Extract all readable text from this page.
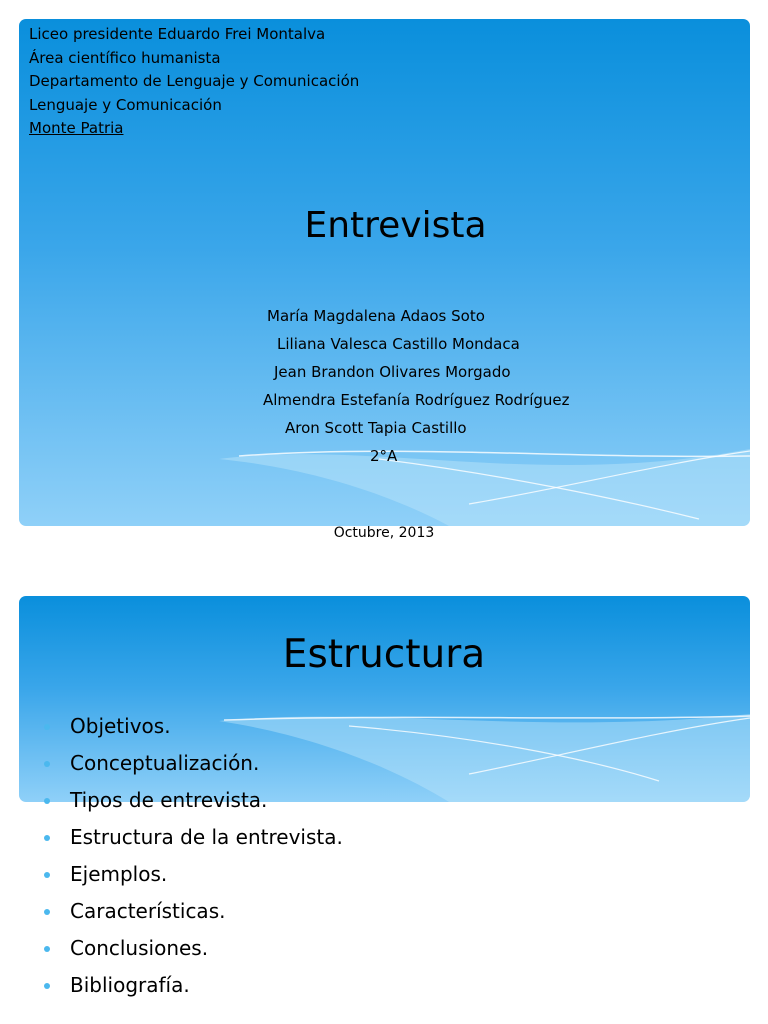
Liceo presidente Eduardo Frei Montalva
Área científico humanista
Departamento de Lenguaje y Comunicación
Lenguaje y Comunicación
Monte Patria
Entrevista
María Magdalena Adaos Soto
Liliana Valesca Castillo Mondaca
Jean Brandon Olivares Morgado
Almendra Estefanía Rodríguez Rodríguez
Aron Scott Tapia Castillo
2°A
Octubre, 2013
Estructura
Objetivos.
Conceptualización.
Tipos de entrevista.
Estructura de la entrevista.
Ejemplos.
Características.
Conclusiones.
Bibliografía.
